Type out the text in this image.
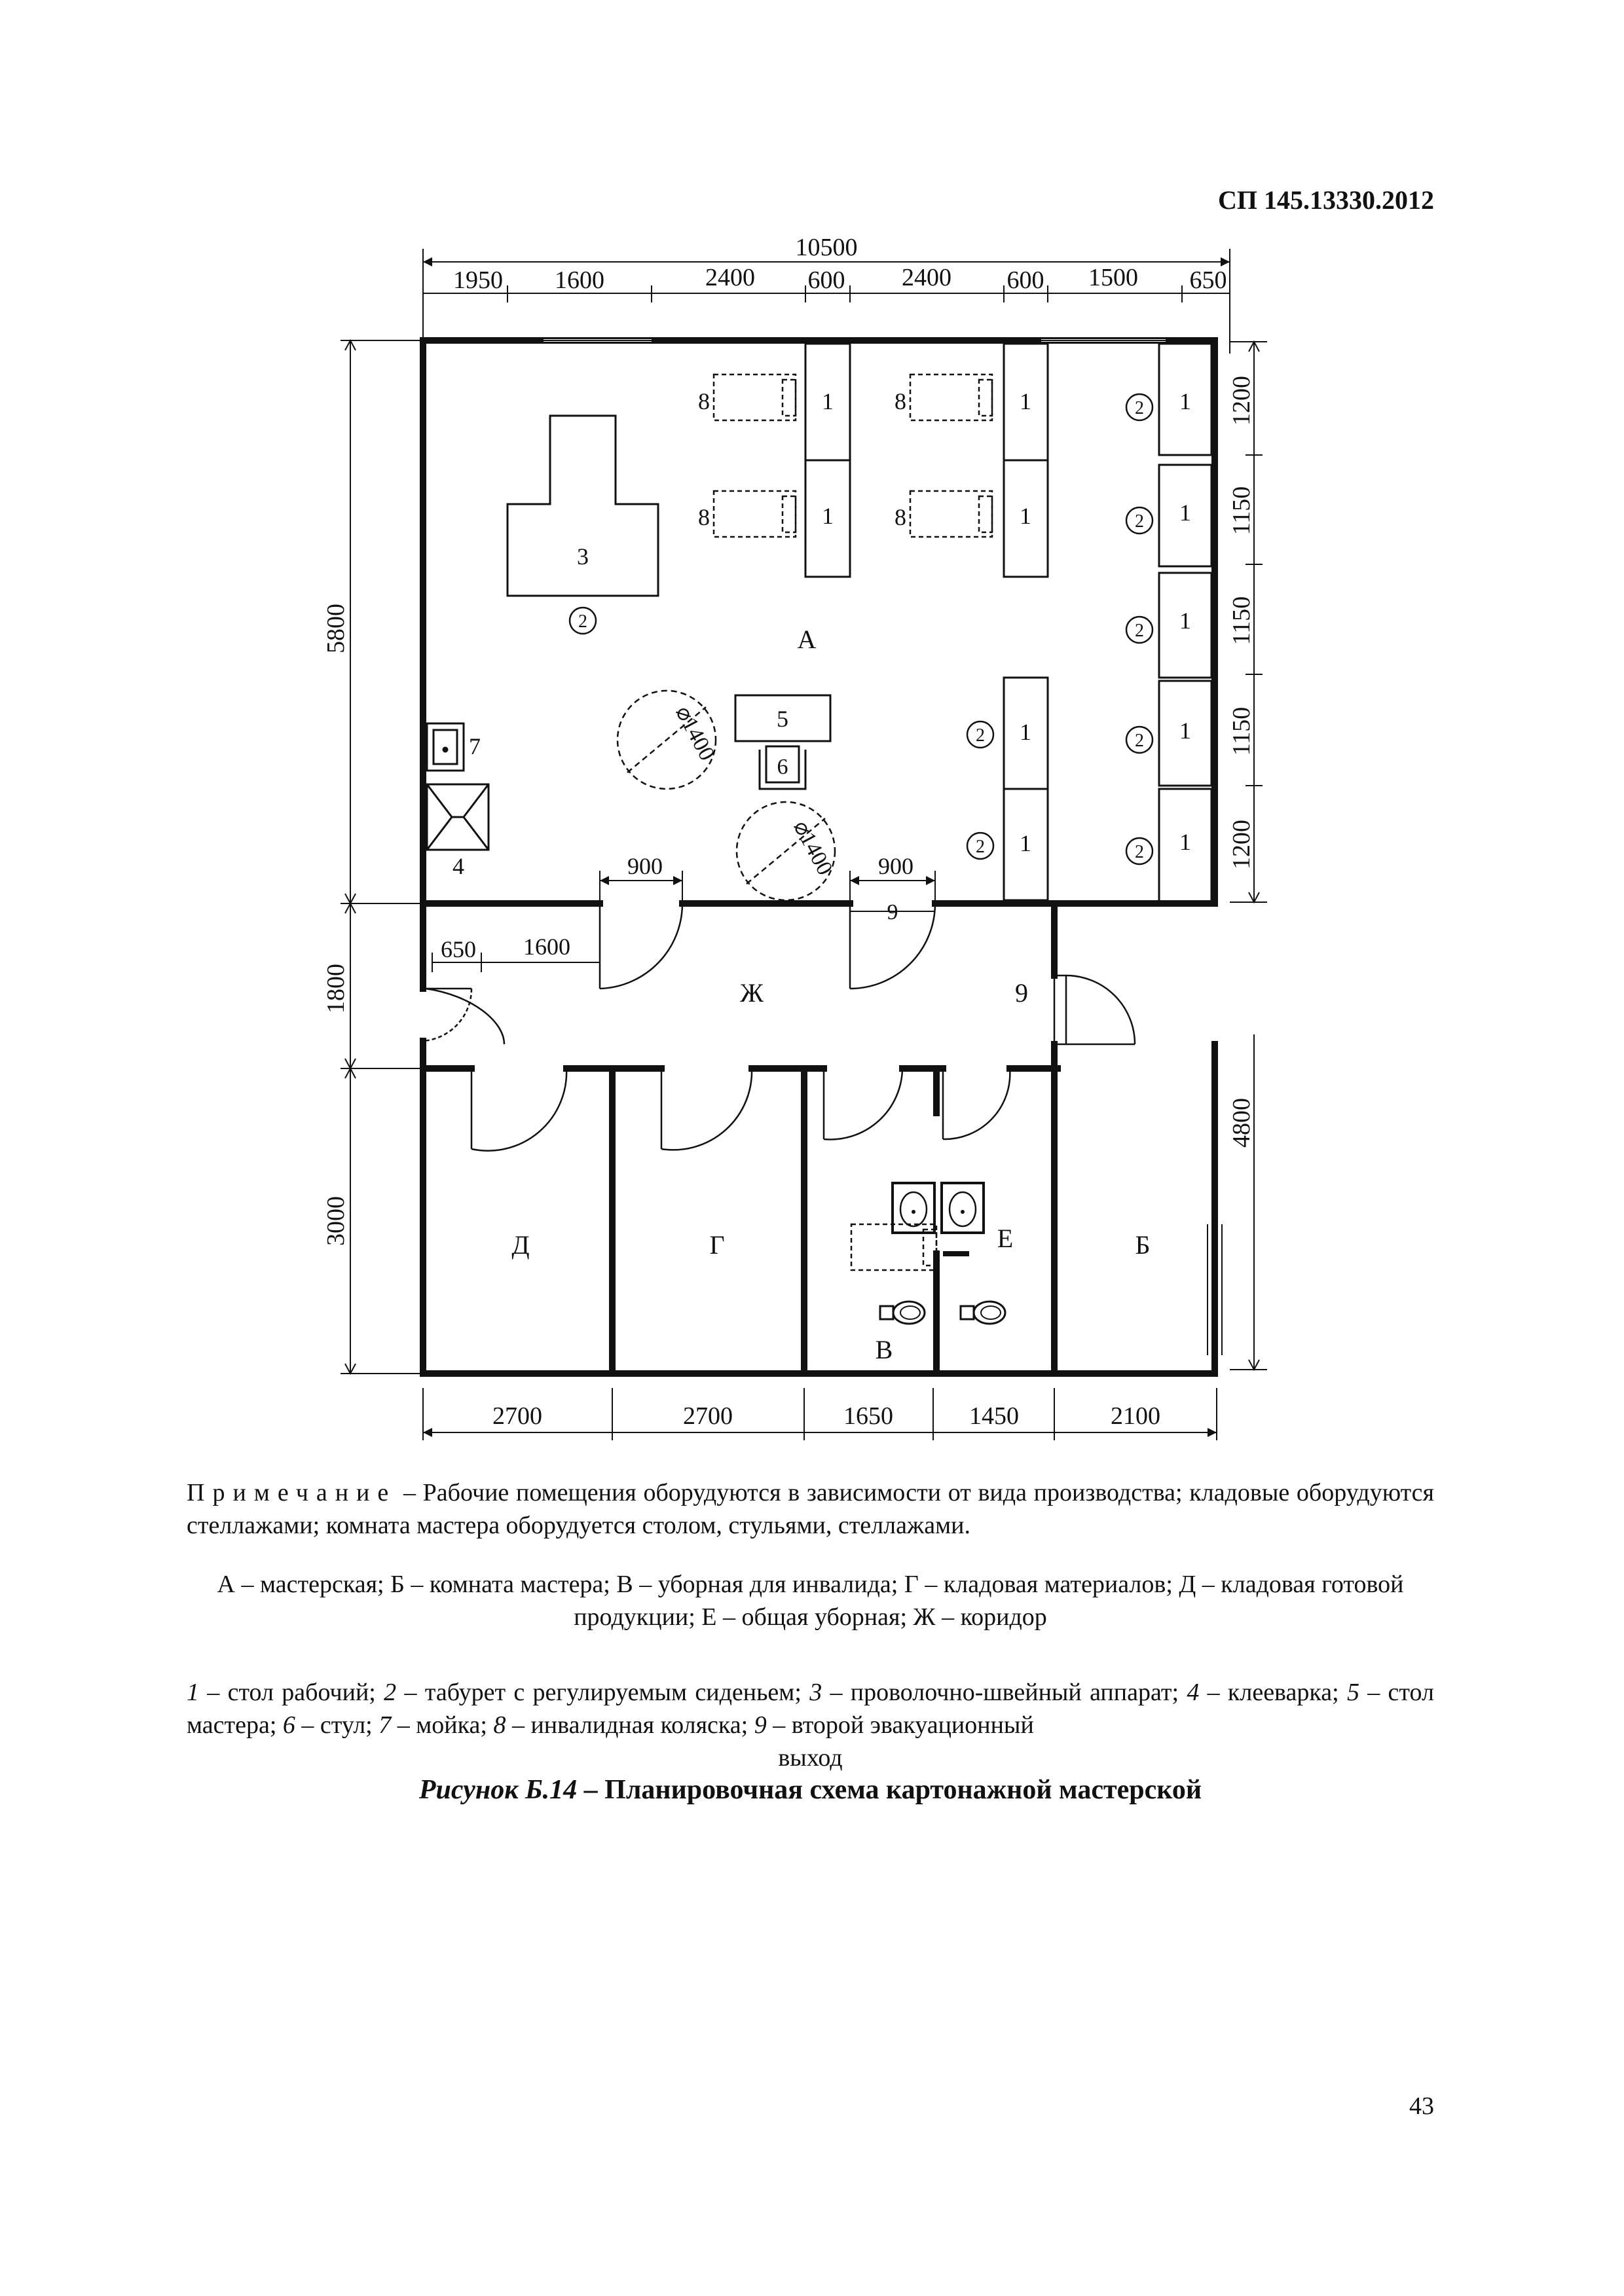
СП 145.13330.2012
10500
1950 1600	2400 600 2400 600 1500 650
5800
1800
3000
1200
1150
1150
1150
1200
4800
2700	2700	1650	1450	2100
9
1
1
1
1
1
1
1
1
1
1
1
8
8
8
8
2
2
2
2
2
2
2
2
3
5
6
⌀1400
⌀1400
7
4	900	900
650 1600
А
Б
В
Г
Д	Е
Ж	9
Примечание – Рабочие помещения оборудуются в зависимости от вида производства; кладовые оборудуются стеллажами; комната мастера оборудуется столом, стульями, стеллажами.
А – мастерская; Б – комната мастера; В – уборная для инвалида; Г – кладовая материалов; Д – кладовая готовой продукции; Е – общая уборная; Ж – коридор
1 – стол рабочий; 2 – табурет с регулируемым сиденьем; 3 – проволочно-швейный аппарат; 4 – клееварка; 5 – стол мастера; 6 – стул; 7 – мойка; 8 – инвалидная коляска; 9 – второй эвакуационный
выход
Рисунок Б.14 – Планировочная схема картонажной мастерской
43
